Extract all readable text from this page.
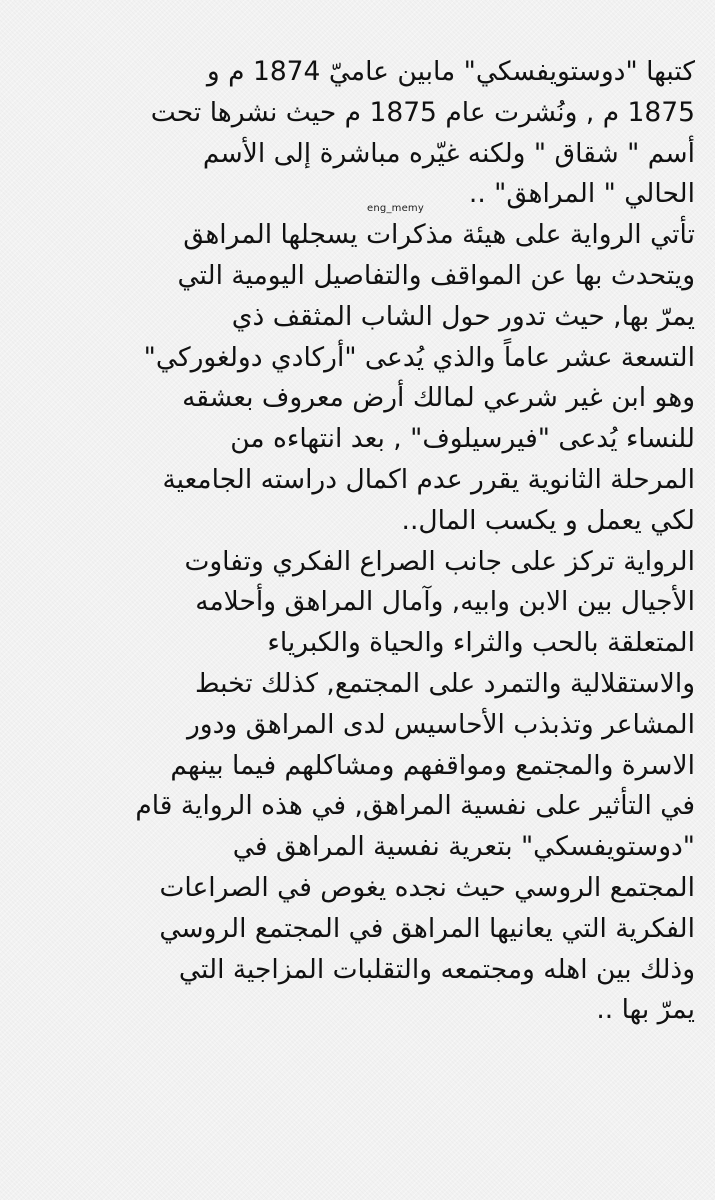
كتبها "دوستويفسكي" مابين عاميّ 1874 م و
1875 م , ونُشرت عام 1875 م حيث نشرها تحت
أسم " شقاق " ولكنه غيّره مباشرة إلى الأسم
الحالي " المراهق" ..
تأتي الرواية على هيئة مذكرات يسجلها المراهق
ويتحدث بها عن المواقف والتفاصيل اليومية التي
يمرّ بها, حيث تدور حول الشاب المثقف ذي
التسعة عشر عاماً والذي يُدعى "أركادي دولغوركي"
وهو ابن غير شرعي لمالك أرض معروف بعشقه
للنساء يُدعى "فيرسيلوف" , بعد انتهاءه من
المرحلة الثانوية يقرر عدم اكمال دراسته الجامعية
لكي يعمل و يكسب المال..
الرواية تركز على جانب الصراع الفكري وتفاوت
الأجيال بين الابن وابيه, وآمال المراهق وأحلامه
المتعلقة بالحب والثراء والحياة والكبرياء
والاستقلالية والتمرد على المجتمع, كذلك تخبط
المشاعر وتذبذب الأحاسيس لدى المراهق ودور
الاسرة والمجتمع ومواقفهم ومشاكلهم فيما بينهم
في التأثير على نفسية المراهق, في هذه الرواية قام
"دوستويفسكي" بتعرية نفسية المراهق في
المجتمع الروسي حيث نجده يغوص في الصراعات
الفكرية التي يعانيها المراهق في المجتمع الروسي
وذلك بين اهله ومجتمعه والتقلبات المزاجية التي
يمرّ بها ..
eng_memy
